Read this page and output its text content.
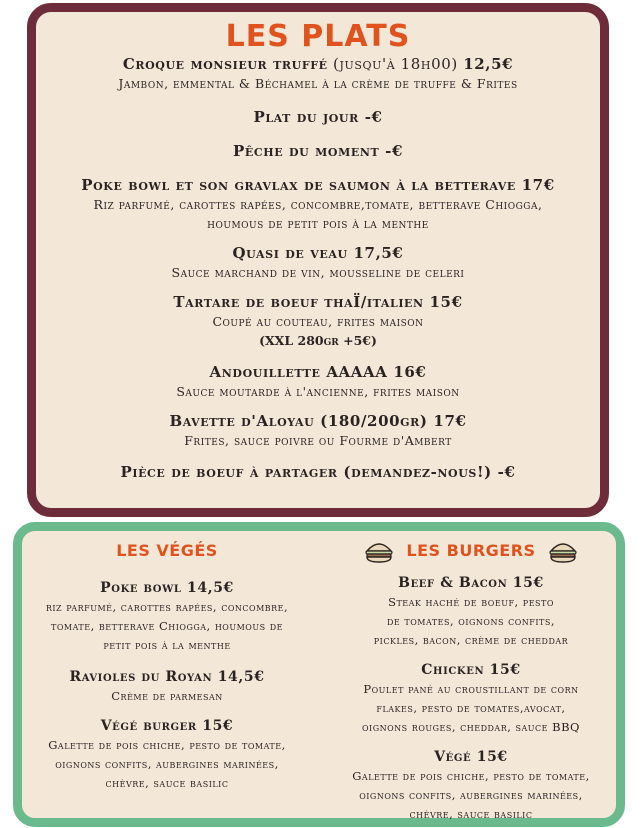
LES PLATS
Croque monsieur truffé (jusqu'à 18h00) 12,5€
Jambon, emmental & Béchamel à la crème de truffe & Frites
Plat du jour -€
Pêche du moment -€
Poke bowl et son gravlax de saumon à la betterave 17€
Riz parfumé, carottes rapées, concombre,tomate, betterave Chiogga,
houmous de petit pois à la menthe
Quasi de veau 17,5€
Sauce marchand de vin, mousseline de celeri
Tartare de boeuf thaÏ/italien 15€
Coupé au couteau, frites maison
(XXL 280gr +5€)
Andouillette AAAAA 16€
Sauce moutarde à l'ancienne, frites maison
Bavette d'Aloyau (180/200gr) 17€
Frites, sauce poivre ou Fourme d'Ambert
Pièce de boeuf à partager (demandez-nous!) -€
LES VÉGÉS
Poke bowl 14,5€
riz parfumé, carottes rapées, concombre,
tomate, betterave Chiogga, houmous de
petit pois à la menthe
Ravioles du Royan 14,5€
Crème de parmesan
Végé burger 15€
Galette de pois chiche, pesto de tomate,
oignons confits, aubergines marinées,
chèvre, sauce basilic
LES BURGERS
Beef & Bacon 15€
Steak haché de boeuf, pesto
de tomates, oignons confits,
pickles, bacon, crème de cheddar
Chicken 15€
Poulet pané au croustillant de corn
flakes, pesto de tomates,avocat,
oignons rouges, cheddar, sauce BBQ
Végé 15€
Galette de pois chiche, pesto de tomate,
oignons confits, aubergines marinées,
chèvre, sauce basilic
